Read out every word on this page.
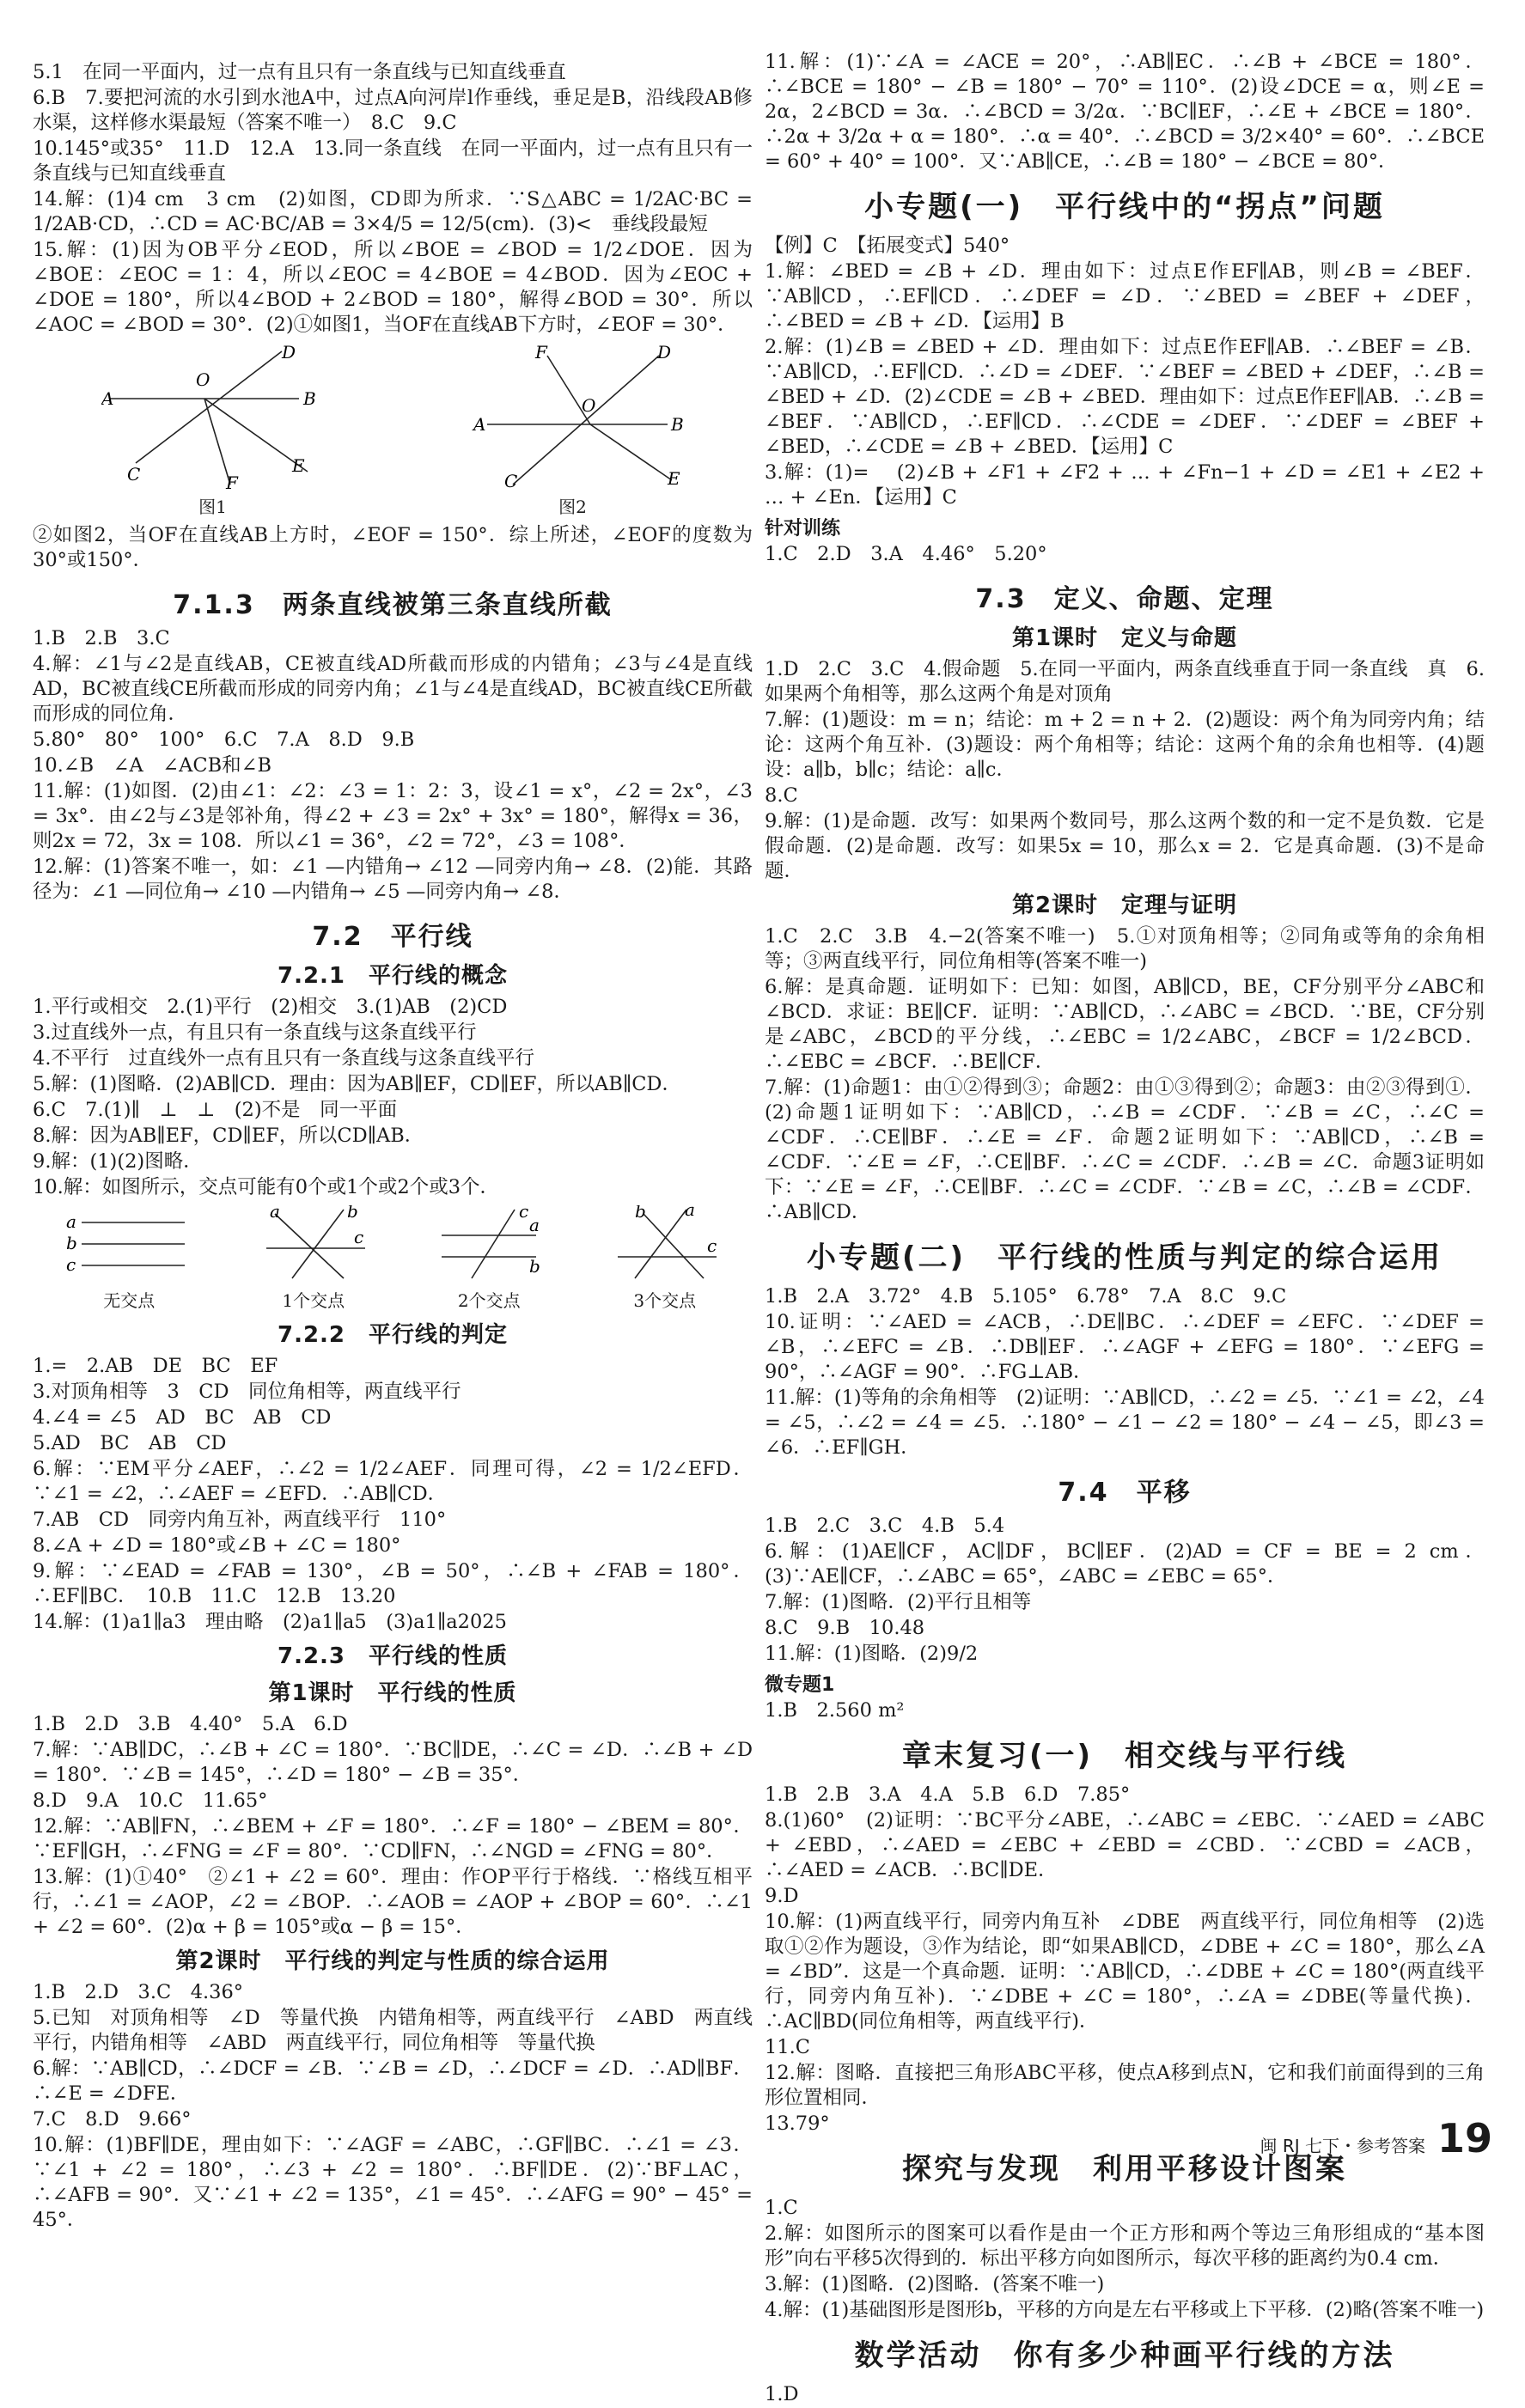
5.1　在同一平面内，过一点有且只有一条直线与已知直线垂直

6.B　7.要把河流的水引到水池A中，过点A向河岸l作垂线，垂足是B，沿线段AB修水渠，这样修水渠最短（答案不唯一）　8.C　9.C

10.145°或35°　11.D　12.A　13.同一条直线　在同一平面内，过一点有且只有一条直线与已知直线垂直

14.解：(1)4 cm　3 cm　(2)如图，CD即为所求．∵S△ABC = 1/2AC·BC = 1/2AB·CD，∴CD = AC·BC/AB = 3×4/5 = 12/5(cm)．(3)<　垂线段最短

15.解：(1)因为OB平分∠EOD，所以∠BOE = ∠BOD = 1/2∠DOE．因为∠BOE：∠EOC = 1：4，所以∠EOC = 4∠BOE = 4∠BOD．因为∠EOC + ∠DOE = 180°，所以4∠BOD + 2∠BOD = 180°，解得∠BOD = 30°．所以∠AOC = ∠BOD = 30°．(2)①如图1，当OF在直线AB下方时，∠EOF = 30°．

A	B
C
D
E
F
O
图1
A	B
C
D
E
F
O
图2

②如图2，当OF在直线AB上方时，∠EOF = 150°．综上所述，∠EOF的度数为30°或150°．

7.1.3　两条直线被第三条直线所截

1.B　2.B　3.C

4.解：∠1与∠2是直线AB，CE被直线AD所截而形成的内错角；∠3与∠4是直线AD，BC被直线CE所截而形成的同旁内角；∠1与∠4是直线AD，BC被直线CE所截而形成的同位角．

5.80°　80°　100°　6.C　7.A　8.D　9.B

10.∠B　∠A　∠ACB和∠B

11.解：(1)如图．(2)由∠1：∠2：∠3 = 1：2：3，设∠1 = x°，∠2 = 2x°，∠3 = 3x°．由∠2与∠3是邻补角，得∠2 + ∠3 = 2x° + 3x° = 180°，解得x = 36，则2x = 72，3x = 108．所以∠1 = 36°，∠2 = 72°，∠3 = 108°．

12.解：(1)答案不唯一，如：∠1 —内错角→ ∠12 —同旁内角→ ∠8．(2)能．其路径为：∠1 —同位角→ ∠10 —内错角→ ∠5 —同旁内角→ ∠8．

7.2　平行线
7.2.1　平行线的概念

1.平行或相交　2.(1)平行　(2)相交　3.(1)AB　(2)CD

3.过直线外一点，有且只有一条直线与这条直线平行

4.不平行　过直线外一点有且只有一条直线与这条直线平行

5.解：(1)图略．(2)AB∥CD．理由：因为AB∥EF，CD∥EF，所以AB∥CD．

6.C　7.(1)∥　⊥　⊥　(2)不是　同一平面

8.解：因为AB∥EF，CD∥EF，所以CD∥AB．

9.解：(1)(2)图略．

10.解：如图所示，交点可能有0个或1个或2个或3个．

a
b
c
无交点
a	b
c
1个交点
c
a
b
2个交点
a
b
c
3个交点
7.2.2　平行线的判定

1.=　2.AB　DE　BC　EF

3.对顶角相等　3　CD　同位角相等，两直线平行

4.∠4 = ∠5　AD　BC　AB　CD

5.AD　BC　AB　CD

6.解：∵EM平分∠AEF，∴∠2 = 1/2∠AEF．同理可得，∠2 = 1/2∠EFD．∵∠1 = ∠2，∴∠AEF = ∠EFD．∴AB∥CD．

7.AB　CD　同旁内角互补，两直线平行　110°

8.∠A + ∠D = 180°或∠B + ∠C = 180°

9.解：∵∠EAD = ∠FAB = 130°，∠B = 50°，∴∠B + ∠FAB = 180°．∴EF∥BC．　10.B　11.C　12.B　13.20

14.解：(1)a1∥a3　理由略　(2)a1∥a5　(3)a1∥a2025

7.2.3　平行线的性质
第1课时　平行线的性质

1.B　2.D　3.B　4.40°　5.A　6.D

7.解：∵AB∥DC，∴∠B + ∠C = 180°．∵BC∥DE，∴∠C = ∠D．∴∠B + ∠D = 180°．∵∠B = 145°，∴∠D = 180° − ∠B = 35°．

8.D　9.A　10.C　11.65°

12.解：∵AB∥FN，∴∠BEM + ∠F = 180°．∴∠F = 180° − ∠BEM = 80°．∵EF∥GH，∴∠FNG = ∠F = 80°．∵CD∥FN，∴∠NGD = ∠FNG = 80°．

13.解：(1)①40°　②∠1 + ∠2 = 60°．理由：作OP平行于格线．∵格线互相平行，∴∠1 = ∠AOP，∠2 = ∠BOP．∴∠AOB = ∠AOP + ∠BOP = 60°．∴∠1 + ∠2 = 60°．(2)α + β = 105°或α − β = 15°．

第2课时　平行线的判定与性质的综合运用

1.B　2.D　3.C　4.36°

5.已知　对顶角相等　∠D　等量代换　内错角相等，两直线平行　∠ABD　两直线平行，内错角相等　∠ABD　两直线平行，同位角相等　等量代换

6.解：∵AB∥CD，∴∠DCF = ∠B．∵∠B = ∠D，∴∠DCF = ∠D．∴AD∥BF．∴∠E = ∠DFE．

7.C　8.D　9.66°

10.解：(1)BF∥DE，理由如下：∵∠AGF = ∠ABC，∴GF∥BC．∴∠1 = ∠3．∵∠1 + ∠2 = 180°，∴∠3 + ∠2 = 180°．∴BF∥DE．(2)∵BF⊥AC，∴∠AFB = 90°．又∵∠1 + ∠2 = 135°，∠1 = 45°．∴∠AFG = 90° − 45° = 45°．

11.解：(1)∵∠A = ∠ACE = 20°，∴AB∥EC．∴∠B + ∠BCE = 180°．∴∠BCE = 180° − ∠B = 180° − 70° = 110°．(2)设∠DCE = α，则∠E = 2α，2∠BCD = 3α．∴∠BCD = 3/2α．∵BC∥EF，∴∠E + ∠BCE = 180°．∴2α + 3/2α + α = 180°．∴α = 40°．∴∠BCD = 3/2×40° = 60°．∴∠BCE = 60° + 40° = 100°．又∵AB∥CE，∴∠B = 180° − ∠BCE = 80°．

小专题(一)　平行线中的“拐点”问题

【例】C　【拓展变式】540°

1.解：∠BED = ∠B + ∠D．理由如下：过点E作EF∥AB，则∠B = ∠BEF．∵AB∥CD，∴EF∥CD．∴∠DEF = ∠D．∵∠BED = ∠BEF + ∠DEF，∴∠BED = ∠B + ∠D．【运用】B

2.解：(1)∠B = ∠BED + ∠D．理由如下：过点E作EF∥AB．∴∠BEF = ∠B．∵AB∥CD，∴EF∥CD．∴∠D = ∠DEF．∵∠BEF = ∠BED + ∠DEF，∴∠B = ∠BED + ∠D．(2)∠CDE = ∠B + ∠BED．理由如下：过点E作EF∥AB．∴∠B = ∠BEF．∵AB∥CD，∴EF∥CD．∴∠CDE = ∠DEF．∵∠DEF = ∠BEF + ∠BED，∴∠CDE = ∠B + ∠BED．【运用】C

3.解：(1)= 　(2)∠B + ∠F1 + ∠F2 + … + ∠Fn−1 + ∠D = ∠E1 + ∠E2 + … + ∠En．【运用】C

针对训练

1.C　2.D　3.A　4.46°　5.20°

7.3　定义、命题、定理
第1课时　定义与命题

1.D　2.C　3.C　4.假命题　5.在同一平面内，两条直线垂直于同一条直线　真　6.如果两个角相等，那么这两个角是对顶角

7.解：(1)题设：m = n；结论：m + 2 = n + 2．(2)题设：两个角为同旁内角；结论：这两个角互补．(3)题设：两个角相等；结论：这两个角的余角也相等．(4)题设：a∥b，b∥c；结论：a∥c．

8.C

9.解：(1)是命题．改写：如果两个数同号，那么这两个数的和一定不是负数．它是假命题．(2)是命题．改写：如果5x = 10，那么x = 2．它是真命题．(3)不是命题．

第2课时　定理与证明

1.C　2.C　3.B　4.−2(答案不唯一)　5.①对顶角相等；②同角或等角的余角相等；③两直线平行，同位角相等(答案不唯一)

6.解：是真命题．证明如下：已知：如图，AB∥CD，BE，CF分别平分∠ABC和∠BCD．求证：BE∥CF．证明：∵AB∥CD，∴∠ABC = ∠BCD．∵BE，CF分别是∠ABC，∠BCD的平分线，∴∠EBC = 1/2∠ABC，∠BCF = 1/2∠BCD．∴∠EBC = ∠BCF．∴BE∥CF．

7.解：(1)命题1：由①②得到③；命题2：由①③得到②；命题3：由②③得到①．(2)命题1证明如下：∵AB∥CD，∴∠B = ∠CDF．∵∠B = ∠C，∴∠C = ∠CDF．∴CE∥BF．∴∠E = ∠F．命题2证明如下：∵AB∥CD，∴∠B = ∠CDF．∵∠E = ∠F，∴CE∥BF．∴∠C = ∠CDF．∴∠B = ∠C．命题3证明如下：∵∠E = ∠F，∴CE∥BF．∴∠C = ∠CDF．∵∠B = ∠C，∴∠B = ∠CDF．∴AB∥CD．

小专题(二)　平行线的性质与判定的综合运用

1.B　2.A　3.72°　4.B　5.105°　6.78°　7.A　8.C　9.C

10.证明：∵∠AED = ∠ACB，∴DE∥BC．∴∠DEF = ∠EFC．∵∠DEF = ∠B，∴∠EFC = ∠B．∴DB∥EF．∴∠AGF + ∠EFG = 180°．∵∠EFG = 90°，∴∠AGF = 90°．∴FG⊥AB．

11.解：(1)等角的余角相等　(2)证明：∵AB∥CD，∴∠2 = ∠5．∵∠1 = ∠2，∠4 = ∠5，∴∠2 = ∠4 = ∠5．∴180° − ∠1 − ∠2 = 180° − ∠4 − ∠5，即∠3 = ∠6．∴EF∥GH．

7.4　平移

1.B　2.C　3.C　4.B　5.4

6.解：(1)AE∥CF，AC∥DF，BC∥EF．(2)AD = CF = BE = 2 cm．(3)∵AE∥CF，∴∠ABC = 65°，∠ABC = ∠EBC = 65°．

7.解：(1)图略．(2)平行且相等

8.C　9.B　10.48

11.解：(1)图略．(2)9/2

微专题1

1.B　2.560 m²

章末复习(一)　相交线与平行线

1.B　2.B　3.A　4.A　5.B　6.D　7.85°

8.(1)60°　(2)证明：∵BC平分∠ABE，∴∠ABC = ∠EBC．∵∠AED = ∠ABC + ∠EBD，∴∠AED = ∠EBC + ∠EBD = ∠CBD．∵∠CBD = ∠ACB，∴∠AED = ∠ACB．∴BC∥DE．

9.D

10.解：(1)两直线平行，同旁内角互补　∠DBE　两直线平行，同位角相等　(2)选取①②作为题设，③作为结论，即“如果AB∥CD，∠DBE + ∠C = 180°，那么∠A = ∠BD”．这是一个真命题．证明：∵AB∥CD，∴∠DBE + ∠C = 180°(两直线平行，同旁内角互补)．∵∠DBE + ∠C = 180°，∴∠A = ∠DBE(等量代换)．∴AC∥BD(同位角相等，两直线平行)．

11.C

12.解：图略．直接把三角形ABC平移，使点A移到点N，它和我们前面得到的三角形位置相同．

13.79°

探究与发现　利用平移设计图案

1.C

2.解：如图所示的图案可以看作是由一个正方形和两个等边三角形组成的“基本图形”向右平移5次得到的．标出平移方向如图所示，每次平移的距离约为0.4 cm．

3.解：(1)图略．(2)图略．(答案不唯一)

4.解：(1)基础图形是图形b，平移的方向是左右平移或上下平移．(2)略(答案不唯一)

数学活动　你有多少种画平行线的方法

1.D

闽 RJ 七下・参考答案 19
